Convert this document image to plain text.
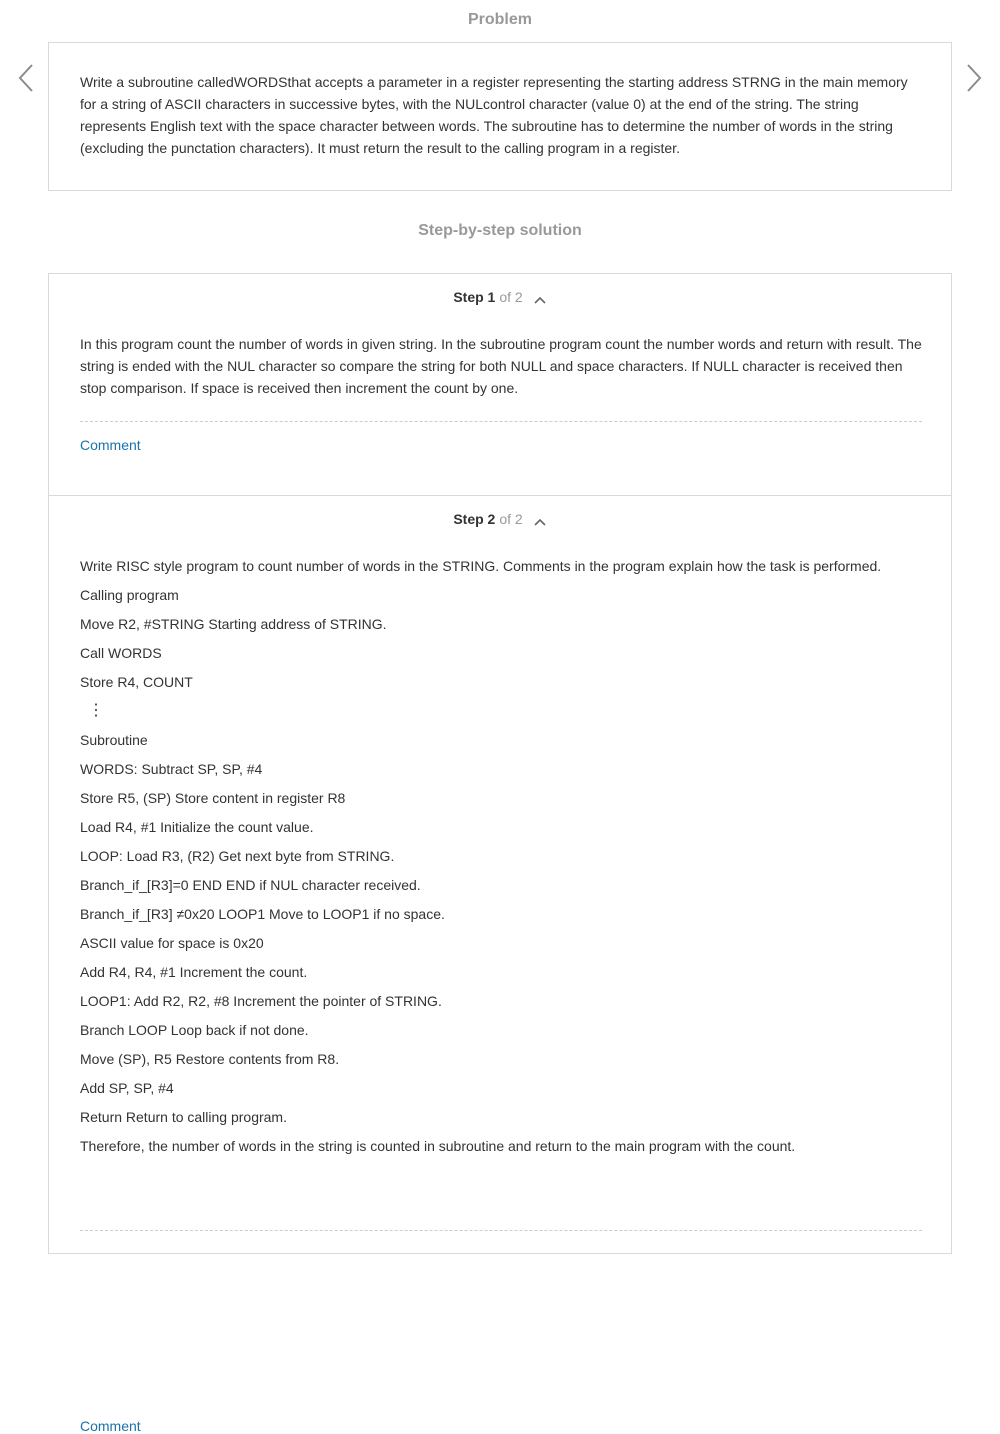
Problem
Write a subroutine calledWORDSthat accepts a parameter in a register representing the starting address STRNG in the main memory for a string of ASCII characters in successive bytes, with the NULcontrol character (value 0) at the end of the string. The string represents English text with the space character between words. The subroutine has to determine the number of words in the string (excluding the punctation characters). It must return the result to the calling program in a register.
Step-by-step solution
Step 1 of 2
In this program count the number of words in given string. In the subroutine program count the number words and return with result. The string is ended with the NUL character so compare the string for both NULL and space characters. If NULL character is received then stop comparison. If space is received then increment the count by one.
Comment
Step 2 of 2
Write RISC style program to count number of words in the STRING. Comments in the program explain how the task is performed.
Calling program
Move R2, #STRING Starting address of STRING.
Call WORDS
Store R4, COUNT
⋮
Subroutine
WORDS: Subtract SP, SP, #4
Store R5, (SP) Store content in register R8
Load R4, #1 Initialize the count value.
LOOP: Load R3, (R2) Get next byte from STRING.
Branch_if_[R3]=0 END END if NUL character received.
Branch_if_[R3] ≠0x20 LOOP1 Move to LOOP1 if no space.
ASCII value for space is 0x20
Add R4, R4, #1 Increment the count.
LOOP1: Add R2, R2, #8 Increment the pointer of STRING.
Branch LOOP Loop back if not done.
Move (SP), R5 Restore contents from R8.
Add SP, SP, #4
Return Return to calling program.
Therefore, the number of words in the string is counted in subroutine and return to the main program with the count.
Comment
